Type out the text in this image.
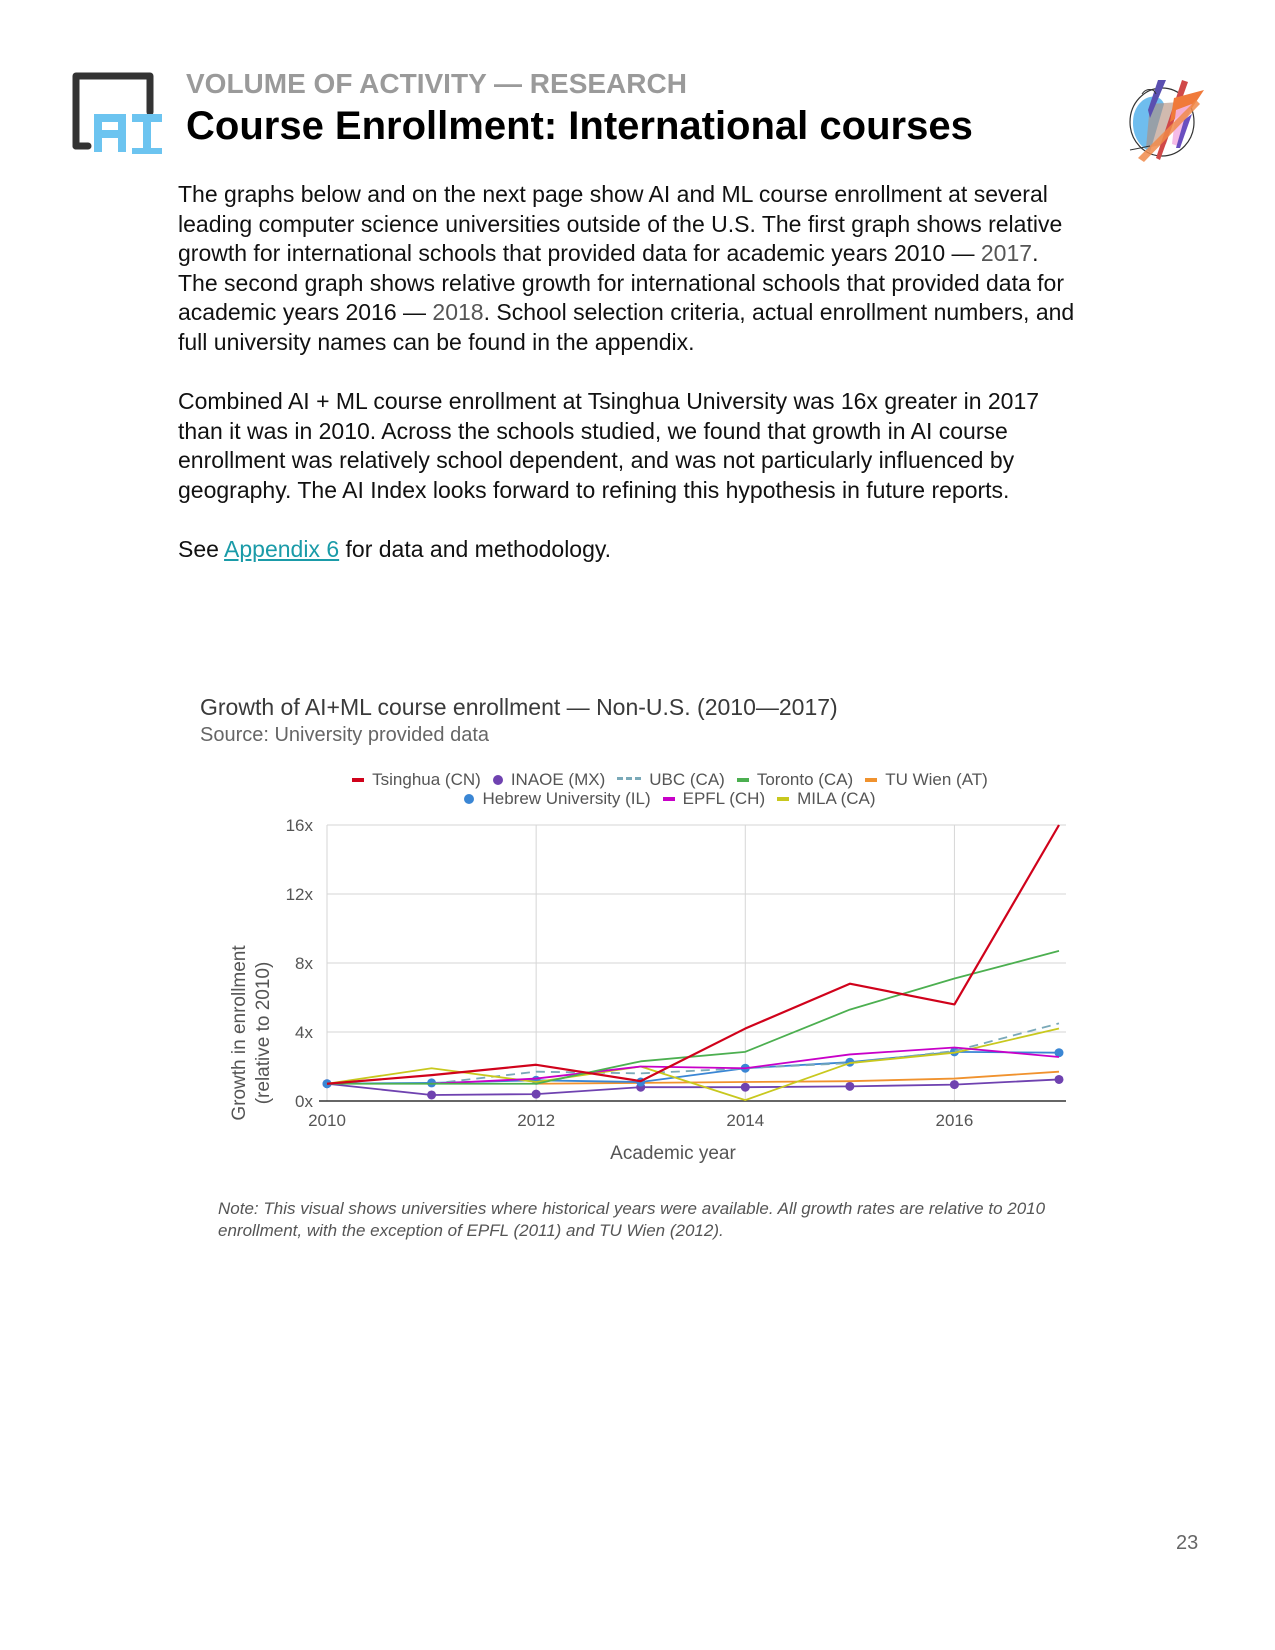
VOLUME OF ACTIVITY — RESEARCH
Course Enrollment: International courses

The graphs below and on the next page show AI and ML course enrollment at several leading computer science universities outside of the U.S. The first graph shows relative growth for international schools that provided data for academic years 2010 — 2017. The second graph shows relative growth for international schools that provided data for academic years 2016 — 2018. School selection criteria, actual enrollment numbers, and full university names can be found in the appendix.

Combined AI + ML course enrollment at Tsinghua University was 16x greater in 2017 than it was in 2010. Across the schools studied, we found that growth in AI course enrollment was relatively school dependent, and was not particularly influenced by geography. The AI Index looks forward to refining this hypothesis in future reports.

See Appendix 6 for data and methodology.

Growth of AI+ML course enrollment — Non-U.S. (2010—2017)
Source: University provided data
Tsinghua (CN) INAOE (MX)	UBC (CA) Toronto (CA) TU Wien (AT)
Hebrew University (IL) EPFL (CH) MILA (CA)
0x
4x
8x
12x
16x
2010	2012	2014	2016
Academic year
Growth in enrollment (relative to 2010)
Note: This visual shows universities where historical years were available. All growth rates are relative to 2010 enrollment, with the exception of EPFL (2011) and TU Wien (2012).
23
